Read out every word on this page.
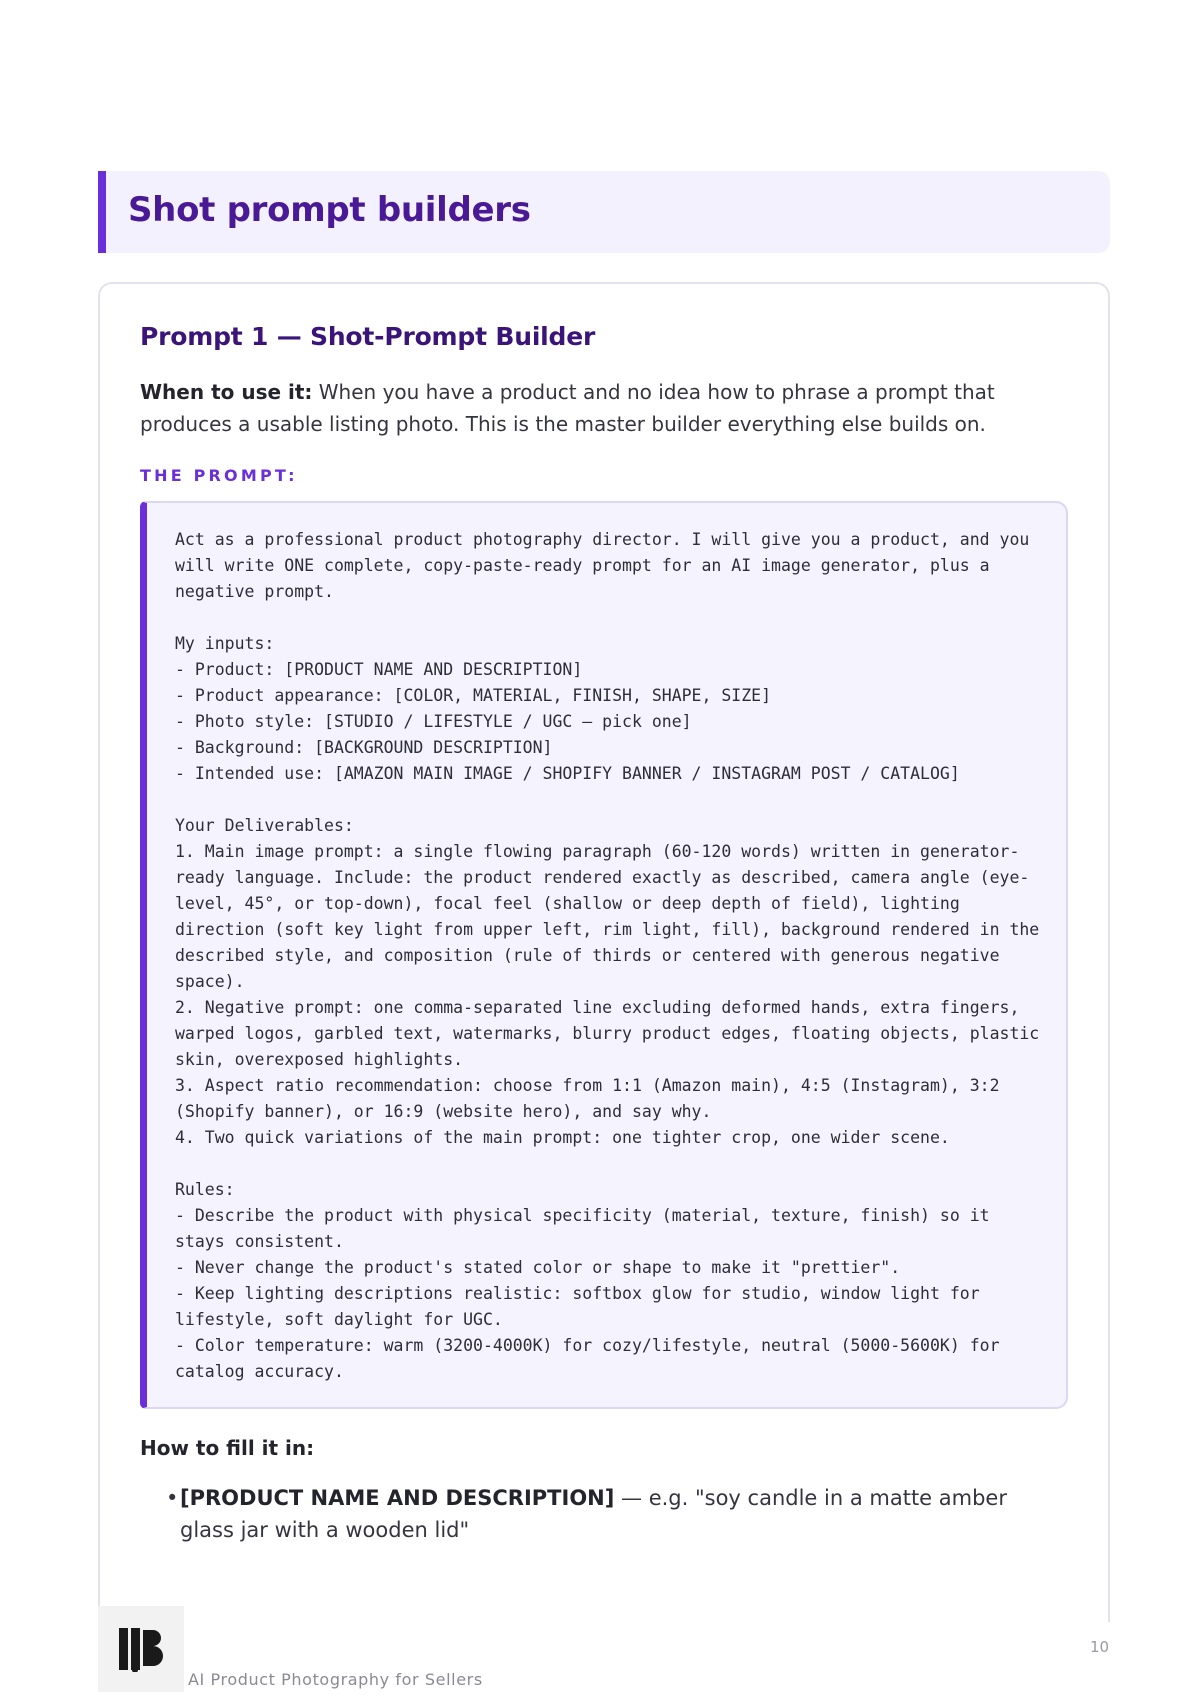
Shot prompt builders
Prompt 1 — Shot-Prompt Builder
When to use it: When you have a product and no idea how to phrase a prompt that produces a usable listing photo. This is the master builder everything else builds on.
THE PROMPT:
Act as a professional product photography director. I will give you a product, and you
will write ONE complete, copy-paste-ready prompt for an AI image generator, plus a
negative prompt.

My inputs:
- Product: [PRODUCT NAME AND DESCRIPTION]
- Product appearance: [COLOR, MATERIAL, FINISH, SHAPE, SIZE]
- Photo style: [STUDIO / LIFESTYLE / UGC — pick one]
- Background: [BACKGROUND DESCRIPTION]
- Intended use: [AMAZON MAIN IMAGE / SHOPIFY BANNER / INSTAGRAM POST / CATALOG]

Your Deliverables:
1. Main image prompt: a single flowing paragraph (60-120 words) written in generator-
ready language. Include: the product rendered exactly as described, camera angle (eye-
level, 45°, or top-down), focal feel (shallow or deep depth of field), lighting
direction (soft key light from upper left, rim light, fill), background rendered in the
described style, and composition (rule of thirds or centered with generous negative
space).
2. Negative prompt: one comma-separated line excluding deformed hands, extra fingers,
warped logos, garbled text, watermarks, blurry product edges, floating objects, plastic
skin, overexposed highlights.
3. Aspect ratio recommendation: choose from 1:1 (Amazon main), 4:5 (Instagram), 3:2
(Shopify banner), or 16:9 (website hero), and say why.
4. Two quick variations of the main prompt: one tighter crop, one wider scene.

Rules:
- Describe the product with physical specificity (material, texture, finish) so it
stays consistent.
- Never change the product's stated color or shape to make it "prettier".
- Keep lighting descriptions realistic: softbox glow for studio, window light for
lifestyle, soft daylight for UGC.
- Color temperature: warm (3200-4000K) for cozy/lifestyle, neutral (5000-5600K) for
catalog accuracy.
How to fill it in:
• [PRODUCT NAME AND DESCRIPTION] — e.g. "soy candle in a matte amber glass jar with a wooden lid"
AI Product Photography for Sellers
10
